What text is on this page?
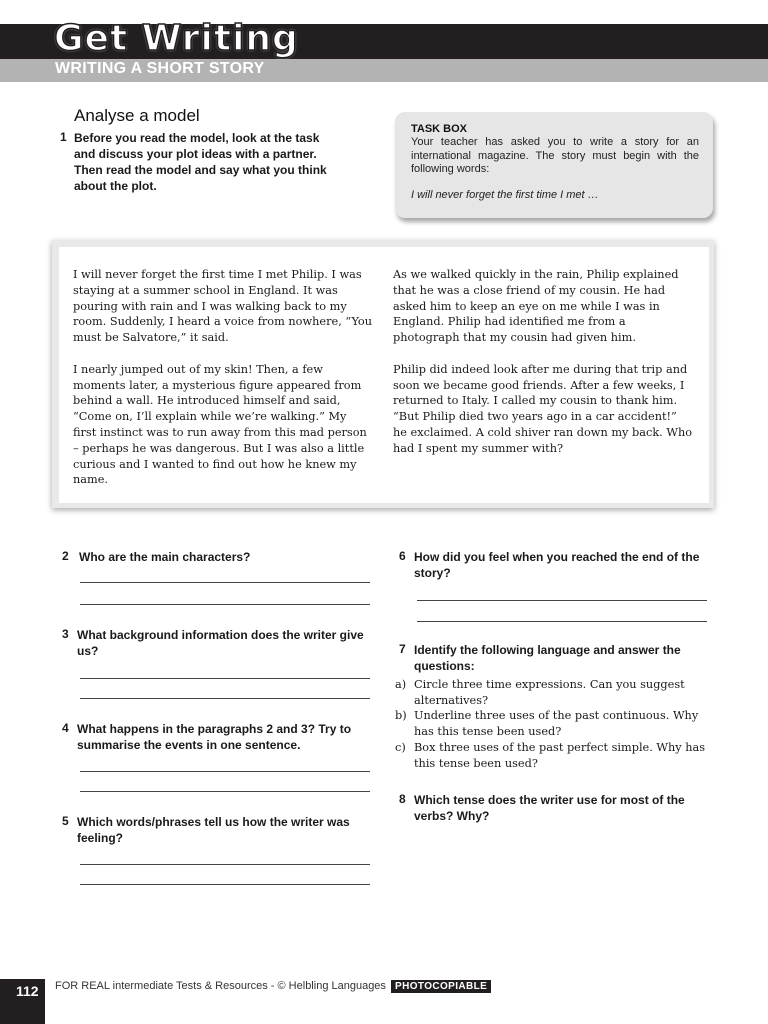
Get Writing
WRITING A SHORT STORY
Analyse a model
1 Before you read the model, look at the task and discuss your plot ideas with a partner. Then read the model and say what you think about the plot.
TASK BOX
Your teacher has asked you to write a story for an international magazine. The story must begin with the following words:
I will never forget the first time I met …

I will never forget the first time I met Philip. I was staying at a summer school in England. It was pouring with rain and I was walking back to my room. Suddenly, I heard a voice from nowhere, “You must be Salvatore,” it said.

I nearly jumped out of my skin! Then, a few moments later, a mysterious figure appeared from behind a wall. He introduced himself and said, “Come on, I’ll explain while we’re walking.” My first instinct was to run away from this mad person – perhaps he was dangerous. But I was also a little curious and I wanted to find out how he knew my name.

As we walked quickly in the rain, Philip explained that he was a close friend of my cousin. He had asked him to keep an eye on me while I was in England. Philip had identified me from a photograph that my cousin had given him.

Philip did indeed look after me during that trip and soon we became good friends. After a few weeks, I returned to Italy. I called my cousin to thank him. “But Philip died two years ago in a car accident!” he exclaimed. A cold shiver ran down my back. Who had I spent my summer with?

2 Who are the main characters?
3 What background information does the writer give us?
4 What happens in the paragraphs 2 and 3? Try to summarise the events in one sentence.
5 Which words/phrases tell us how the writer was feeling?
6 How did you feel when you reached the end of the story?
7 Identify the following language and answer the questions:
a) Circle three time expressions. Can you suggest alternatives?
b) Underline three uses of the past continuous. Why has this tense been used?
c) Box three uses of the past perfect simple. Why has this tense been used?
8 Which tense does the writer use for most of the verbs? Why?
112 FOR REAL intermediate Tests & Resources - © Helbling Languages PHOTOCOPIABLE
